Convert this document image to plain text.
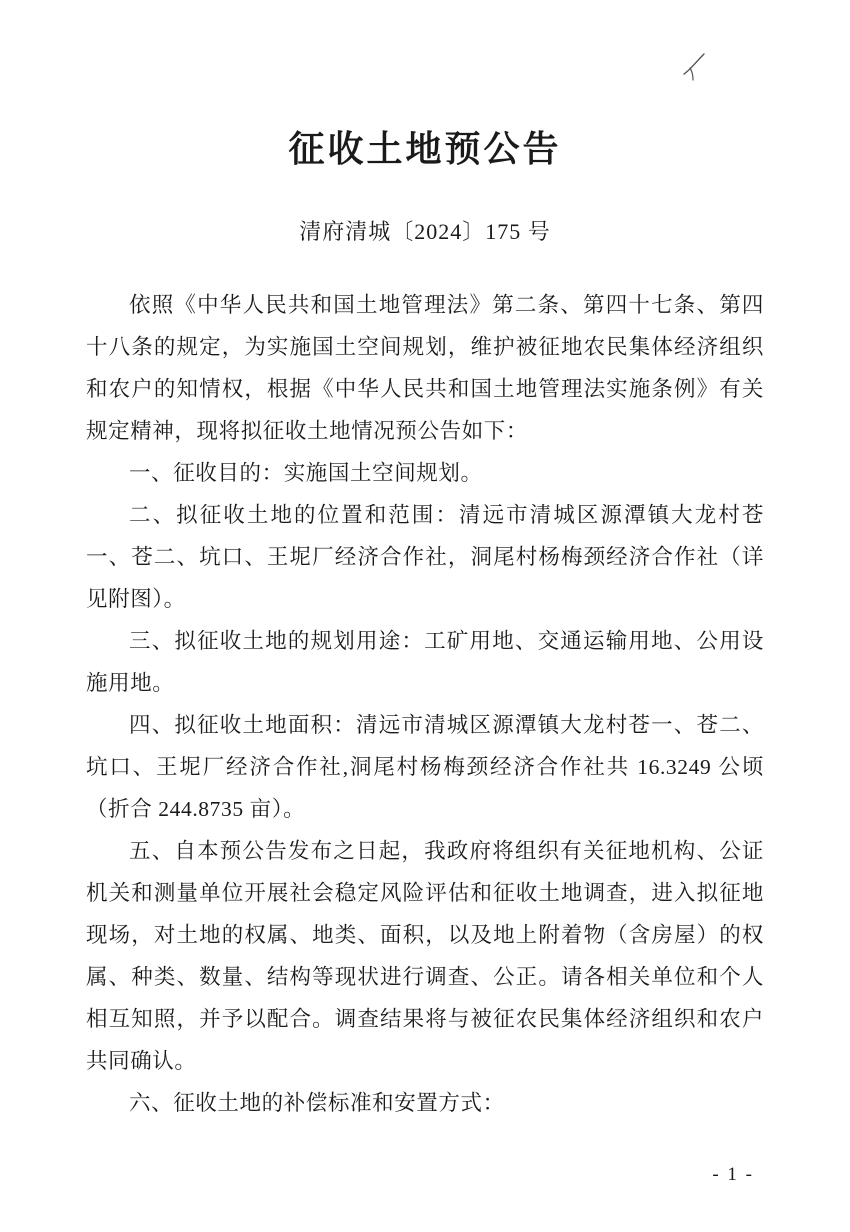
征收土地预公告
清府清城〔2024〕175 号

依照《中华人民共和国土地管理法》第二条、第四十七条、第四十八条的规定，为实施国土空间规划，维护被征地农民集体经济组织和农户的知情权，根据《中华人民共和国土地管理法实施条例》有关规定精神，现将拟征收土地情况预公告如下：

一、征收目的：实施国土空间规划。

二、拟征收土地的位置和范围：清远市清城区源潭镇大龙村苍一、苍二、坑口、王坭厂经济合作社，洞尾村杨梅颈经济合作社（详见附图）。

三、拟征收土地的规划用途：工矿用地、交通运输用地、公用设施用地。

四、拟征收土地面积：清远市清城区源潭镇大龙村苍一、苍二、坑口、王坭厂经济合作社,洞尾村杨梅颈经济合作社共 16.3249 公顷（折合 244.8735 亩）。

五、自本预公告发布之日起，我政府将组织有关征地机构、公证机关和测量单位开展社会稳定风险评估和征收土地调查，进入拟征地现场，对土地的权属、地类、面积，以及地上附着物（含房屋）的权属、种类、数量、结构等现状进行调查、公正。请各相关单位和个人相互知照，并予以配合。调查结果将与被征农民集体经济组织和农户共同确认。

六、征收土地的补偿标准和安置方式：

- 1 -
